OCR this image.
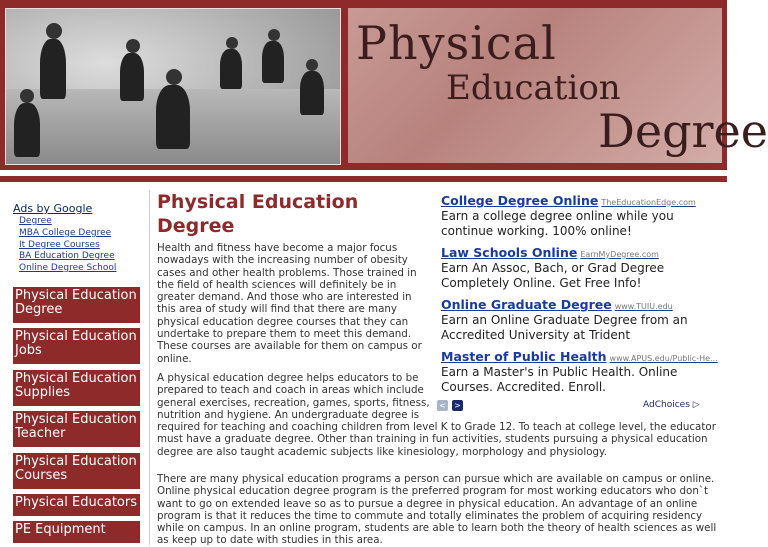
Physical
Education
Degree
Ads by Google
Degree
MBA College Degree
It Degree Courses
BA Education Degree
Online Degree School
Physical Education Degree
Physical Education Jobs
Physical Education Supplies
Physical Education Teacher
Physical Education Courses
Physical Educators
PE Equipment
Physical Education Degree
Health and fitness have become a major focus nowadays with the increasing number of obesity cases and other health problems. Those trained in the field of health sciences will definitely be in greater demand. And those who are interested in this area of study will find that there are many physical education degree courses that they can undertake to prepare them to meet this demand. These courses are available for them on campus or online.
A physical education degree helps educators to be prepared to teach and coach in areas which include general exercises, recreation, games, sports, fitness, nutrition and hygiene. An undergraduate degree is
required for teaching and coaching children from level K to Grade 12. To teach at college level, the educator must have a graduate degree. Other than training in fun activities, students pursuing a physical education degree are also taught academic subjects like kinesiology, morphology and physiology.
There are many physical education programs a person can pursue which are available on campus or online. Online physical education degree program is the preferred program for most working educators who don`t want to go on extended leave so as to pursue a degree in physical education. An advantage of an online program is that it reduces the time to commute and totally eliminates the problem of acquiring residency while on campus. In an online program, students are able to learn both the theory of health sciences as well as keep up to date with studies in this area.
College Degree Online TheEducationEdge.com
Earn a college degree online while you continue working. 100% online!
Law Schools Online EarnMyDegree.com
Earn An Assoc, Bach, or Grad Degree Completely Online. Get Free Info!
Online Graduate Degree www.TUIU.edu
Earn an Online Graduate Degree from an Accredited University at Trident
Master of Public Health www.APUS.edu/Public-He...
Earn a Master's in Public Health. Online Courses. Accredited. Enroll.
< >	AdChoices ▷
